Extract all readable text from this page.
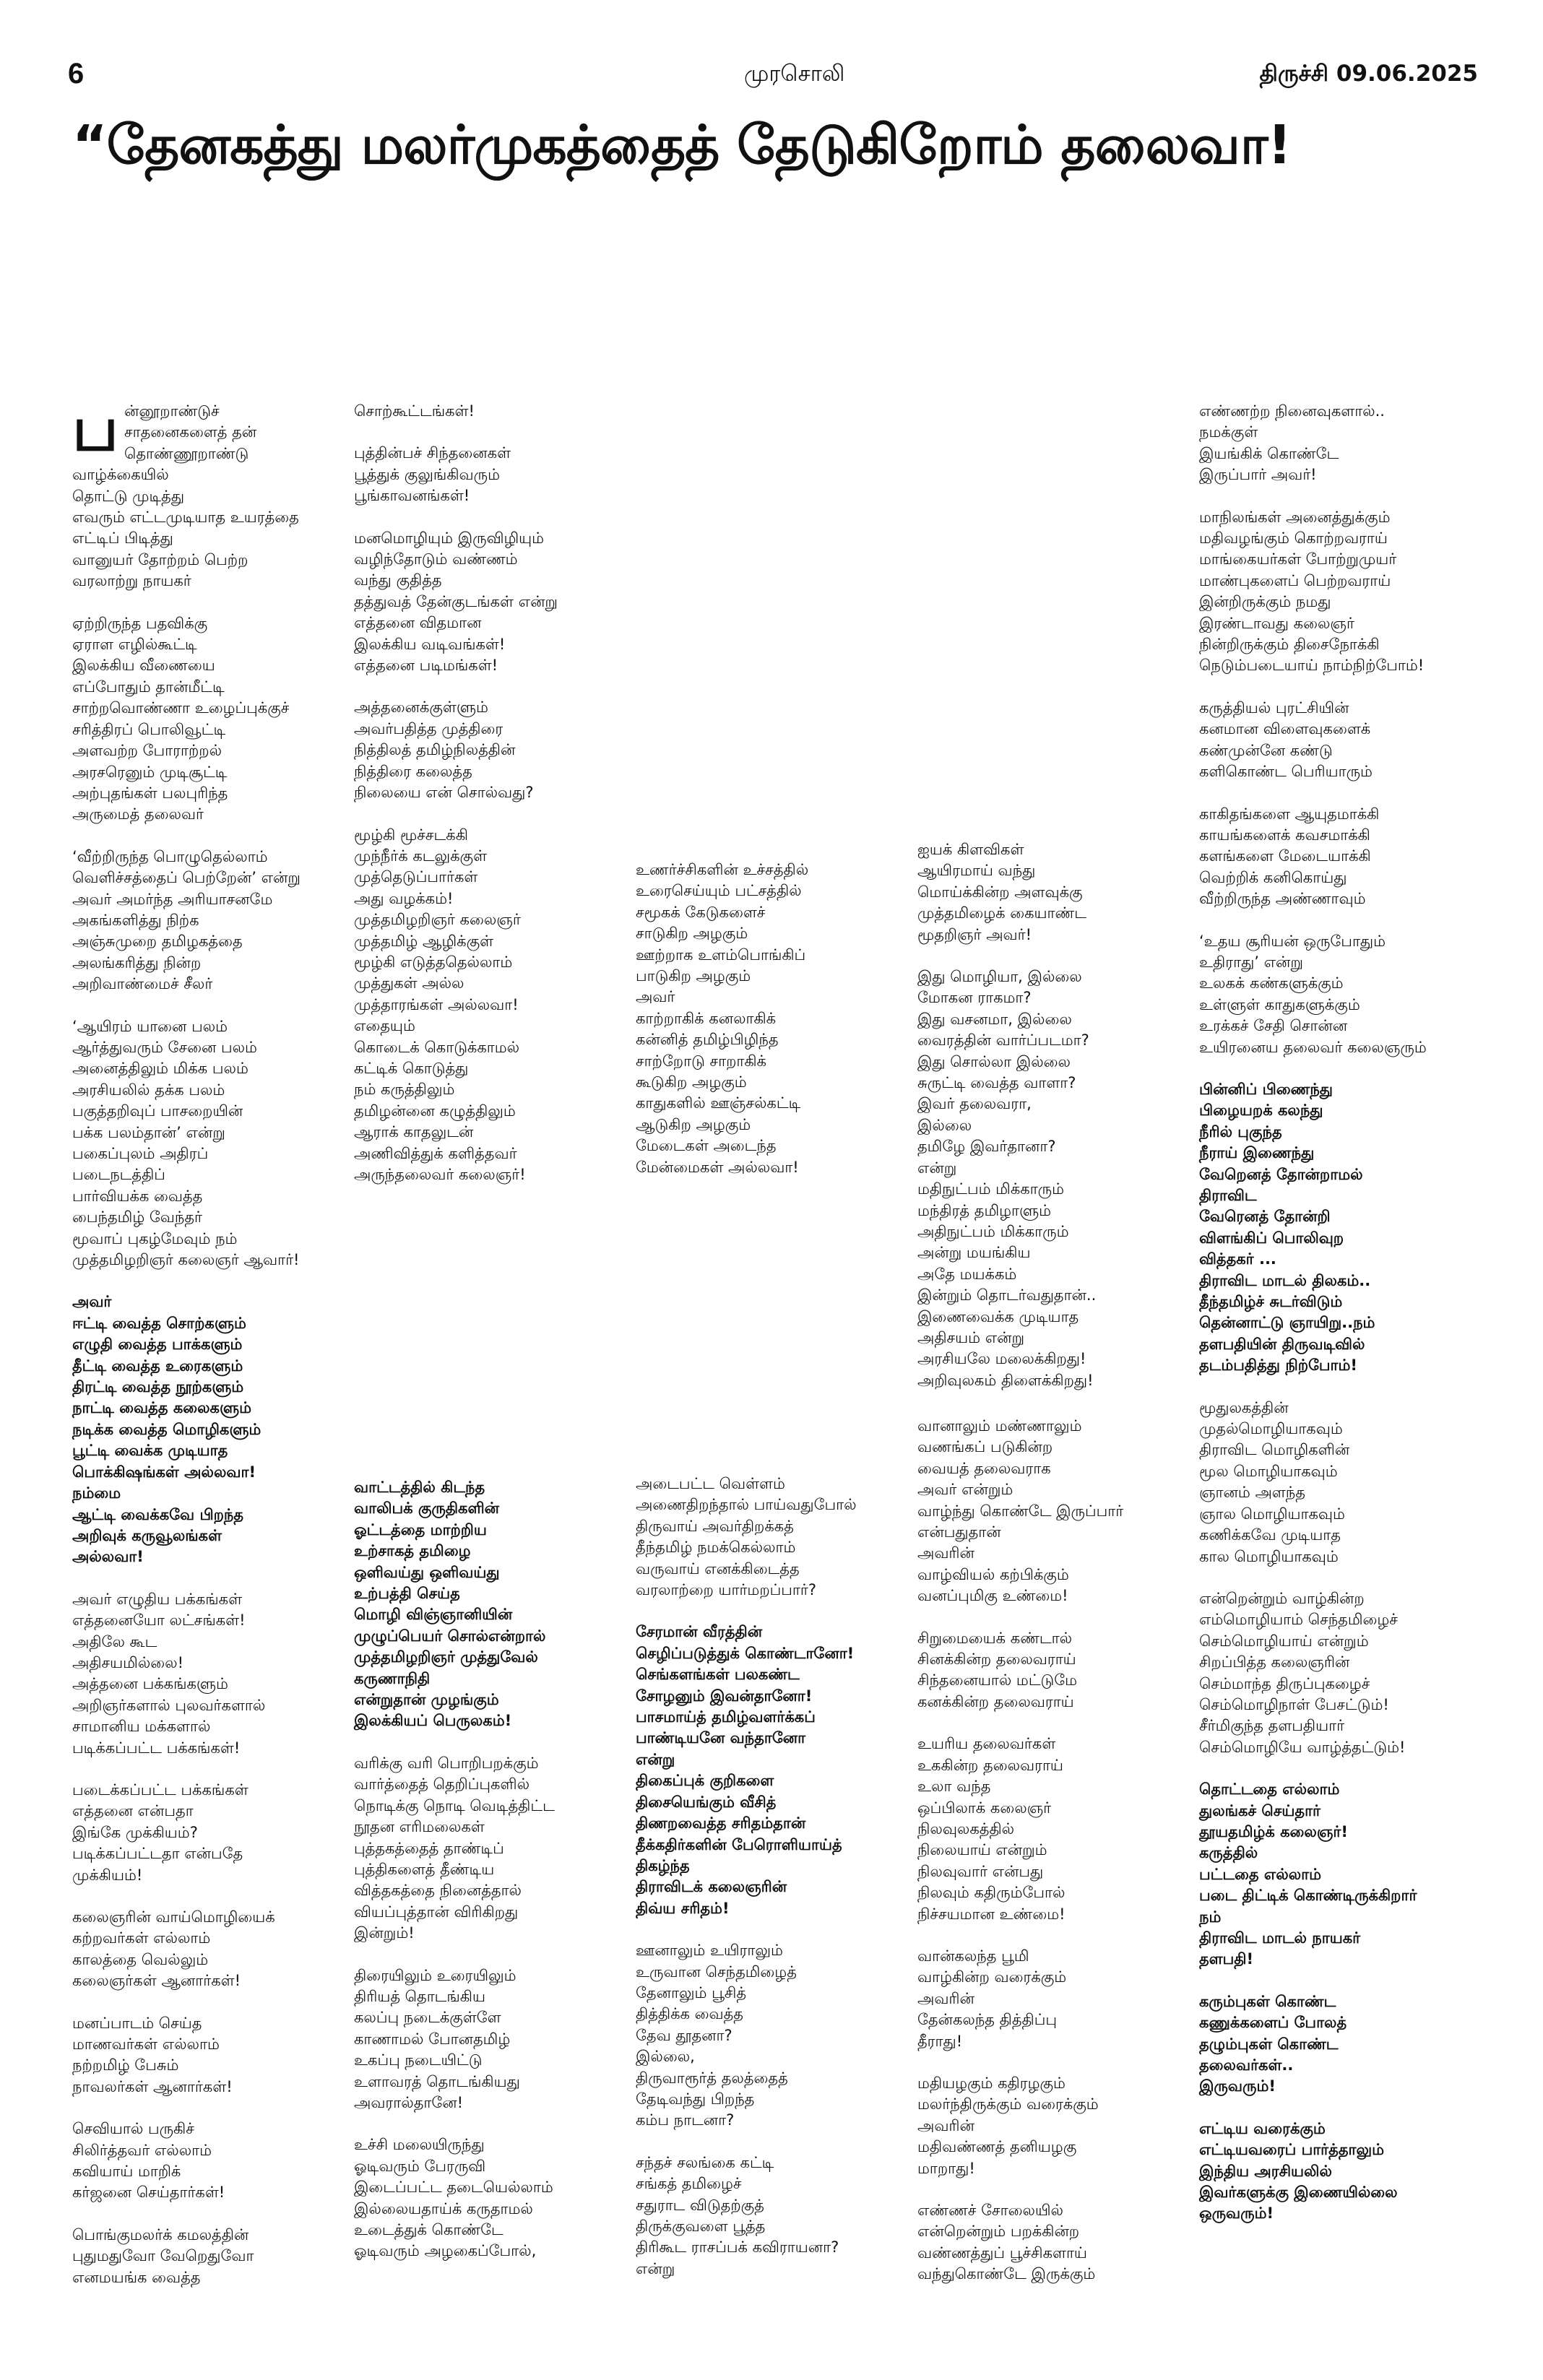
6	முரசொலி	திருச்சி 09.06.2025
“தேனகத்து மலர்முகத்தைத் தேடுகிறோம் தலைவா!

பன்னூறாண்டுச்
சாதனைகளைத் தன்
தொண்ணூறாண்டு வாழ்க்கையில்
தொட்டு முடித்து
எவரும் எட்டமுடியாத உயரத்தை
எட்டிப் பிடித்து
வானுயர் தோற்றம் பெற்ற
வரலாற்று நாயகர்

ஏற்றிருந்த பதவிக்கு
ஏராள எழில்கூட்டி
இலக்கிய வீணையை
எப்போதும் தான்மீட்டி
சாற்றவொண்ணா உழைப்புக்குச்
சரித்திரப் பொலிவூட்டி
அளவற்ற போராற்றல்
அரசரெனும் முடிசூட்டி
அற்புதங்கள் பலபுரிந்த
அருமைத் தலைவர்

‘வீற்றிருந்த பொழுதெல்லாம்
வெளிச்சத்தைப் பெற்றேன்’ என்று
அவர் அமர்ந்த அரியாசனமே
அகங்களித்து நிற்க
அஞ்சுமுறை தமிழகத்தை
அலங்கரித்து நின்ற
அறிவாண்மைச் சீலர்

‘ஆயிரம் யானை பலம்
ஆர்த்துவரும் சேனை பலம்
அனைத்திலும் மிக்க பலம்
அரசியலில் தக்க பலம்
பகுத்தறிவுப் பாசறையின்
பக்க பலம்தான்’ என்று
பகைப்புலம் அதிரப்
படைநடத்திப்
பார்வியக்க வைத்த
பைந்தமிழ் வேந்தர்
மூவாப் புகழ்மேவும் நம்
முத்தமிழறிஞர் கலைஞர் ஆவார்!

அவர்
ஈட்டி வைத்த சொற்களும்
எழுதி வைத்த பாக்களும்
தீட்டி வைத்த உரைகளும்
திரட்டி வைத்த நூற்களும்
நாட்டி வைத்த கலைகளும்
நடிக்க வைத்த மொழிகளும்
பூட்டி வைக்க முடியாத
பொக்கிஷங்கள் அல்லவா!
நம்மை
ஆட்டி வைக்கவே பிறந்த
அறிவுக் கருவூலங்கள்
அல்லவா!

அவர் எழுதிய பக்கங்கள்
எத்தனையோ லட்சங்கள்!
அதிலே கூட
அதிசயமில்லை!
அத்தனை பக்கங்களும்
அறிஞர்களால் புலவர்களால்
சாமானிய மக்களால்
படிக்கப்பட்ட பக்கங்கள்!

படைக்கப்பட்ட பக்கங்கள்
எத்தனை என்பதா
இங்கே முக்கியம்?
படிக்கப்பட்டதா என்பதே
முக்கியம்!

கலைஞரின் வாய்மொழியைக்
கற்றவர்கள் எல்லாம்
காலத்தை வெல்லும்
கலைஞர்கள் ஆனார்கள்!

மனப்பாடம் செய்த
மாணவர்கள் எல்லாம்
நற்றமிழ் பேசும்
நாவலர்கள் ஆனார்கள்!

செவியால் பருகிச்
சிலிர்த்தவர் எல்லாம்
கவியாய் மாறிக்
கர்ஜனை செய்தார்கள்!

பொங்குமலர்க் கமலத்தின்
புதுமதுவோ வேறெதுவோ
எனமயங்க வைத்த

சொற்கூட்டங்கள்!

புத்தின்பச் சிந்தனைகள்
பூத்துக் குலுங்கிவரும்
பூங்காவனங்கள்!

மனமொழியும் இருவிழியும்
வழிந்தோடும் வண்ணம்
வந்து குதித்த
தத்துவத் தேன்குடங்கள் என்று
எத்தனை விதமான
இலக்கிய வடிவங்கள்!
எத்தனை படிமங்கள்!

அத்தனைக்குள்ளும்
அவர்பதித்த முத்திரை
நித்திலத் தமிழ்நிலத்தின்
நித்திரை கலைத்த
நிலையை என் சொல்வது?

மூழ்கி மூச்சடக்கி
முந்நீர்க் கடலுக்குள்
முத்தெடுப்பார்கள்
அது வழக்கம்!
முத்தமிழறிஞர் கலைஞர்
முத்தமிழ் ஆழிக்குள்
மூழ்கி எடுத்ததெல்லாம்
முத்துகள் அல்ல
முத்தாரங்கள் அல்லவா!
எதையும்
கொடைக் கொடுக்காமல்
கட்டிக் கொடுத்து
நம் கருத்திலும்
தமிழன்னை கழுத்திலும்
ஆராக் காதலுடன்
அணிவித்துக் களித்தவர்
அருந்தலைவர் கலைஞர்!

வாட்டத்தில் கிடந்த
வாலிபக் குருதிகளின்
ஓட்டத்தை மாற்றிய
உற்சாகத் தமிழை
ஒளிவய்து ஒளிவய்து
உற்பத்தி செய்த
மொழி விஞ்ஞானியின்
முழுப்பெயர் சொல்என்றால்
முத்தமிழறிஞர் முத்துவேல்
கருணாநிதி
என்றுதான் முழங்கும்
இலக்கியப் பெருலகம்!

வரிக்கு வரி பொறிபறக்கும்
வார்த்தைத் தெறிப்புகளில்
நொடிக்கு நொடி வெடித்திட்ட
நூதன எரிமலைகள்
புத்தகத்தைத் தாண்டிப்
புத்திகளைத் தீண்டிய
வித்தகத்தை நினைத்தால்
வியப்புத்தான் விரிகிறது
இன்றும்!

திரையிலும் உரையிலும்
திரியத் தொடங்கிய
கலப்பு நடைக்குள்ளே
காணாமல் போனதமிழ்
உகப்பு நடையிட்டு
உளாவரத் தொடங்கியது
அவரால்தானே!

உச்சி மலையிருந்து
ஓடிவரும் பேரருவி
இடைப்பட்ட தடையெல்லாம்
இல்லையதாய்க் கருதாமல்
உடைத்துக் கொண்டே
ஓடிவரும் அழகைப்போல்,

உணர்ச்சிகளின் உச்சத்தில்
உரைசெய்யும் பட்சத்தில்
சமூகக் கேடுகளைச்
சாடுகிற அழகும்
ஊற்றாக உளம்பொங்கிப்
பாடுகிற அழகும்
அவர்
காற்றாகிக் கனலாகிக்
கன்னித் தமிழ்பிழிந்த
சாற்றோடு சாறாகிக்
கூடுகிற அழகும்
காதுகளில் ஊஞ்சல்கட்டி
ஆடுகிற அழகும்
மேடைகள் அடைந்த
மேன்மைகள் அல்லவா!

அடைபட்ட வெள்ளம்
அணைதிறந்தால் பாய்வதுபோல்
திருவாய் அவர்திறக்கத்
தீந்தமிழ் நமக்கெல்லாம்
வருவாய் எனக்கிடைத்த
வரலாற்றை யார்மறப்பார்?

சேரமான் வீரத்தின்
செழிப்படுத்துக் கொண்டானோ!
செங்களங்கள் பலகண்ட
சோழனும் இவன்தானோ!
பாசமாய்த் தமிழ்வளர்க்கப்
பாண்டியனே வந்தானோ
என்று
திகைப்புக் குறிகளை
திசையெங்கும் வீசித்
திணறவைத்த சரிதம்தான்
தீக்கதிர்களின் பேரொளியாய்த்
திகழ்ந்த
திராவிடக் கலைஞரின்
திவ்ய சரிதம்!

ஊனாலும் உயிராலும்
உருவான செந்தமிழைத்
தேனாலும் பூசித்
தித்திக்க வைத்த
தேவ தூதனா?
இல்லை,
திருவாரூர்த் தலத்தைத்
தேடிவந்து பிறந்த
கம்ப நாடனா?

சந்தச் சலங்கை கட்டி
சங்கத் தமிழைச்
சதுராட விடுதற்குத்
திருக்குவளை பூத்த
திரிகூட ராசப்பக் கவிராயனா?
என்று

ஐயக் கிளவிகள்
ஆயிரமாய் வந்து
மொய்க்கின்ற அளவுக்கு
முத்தமிழைக் கையாண்ட
மூதறிஞர் அவர்!

இது மொழியா, இல்லை
மோகன ராகமா?
இது வசனமா, இல்லை
வைரத்தின் வார்ப்படமா?
இது சொல்லா இல்லை
சுருட்டி வைத்த வாளா?
இவர் தலைவரா,
இல்லை
தமிழே இவர்தானா?
என்று
மதிநுட்பம் மிக்காரும்
மந்திரத் தமிழாளும்
அதிநுட்பம் மிக்காரும்
அன்று மயங்கிய
அதே மயக்கம்
இன்றும் தொடர்வதுதான்..
இணைவைக்க முடியாத
அதிசயம் என்று
அரசியலே மலைக்கிறது!
அறிவுலகம் திளைக்கிறது!

வானாலும் மண்ணாலும்
வணங்கப் படுகின்ற
வையத் தலைவராக
அவர் என்றும்
வாழ்ந்து கொண்டே இருப்பார்
என்பதுதான்
அவரின்
வாழ்வியல் கற்பிக்கும்
வனப்புமிகு உண்மை!

சிறுமையைக் கண்டால்
சினக்கின்ற தலைவராய்
சிந்தனையால் மட்டுமே
கனக்கின்ற தலைவராய்

உயரிய தலைவர்கள்
உககின்ற தலைவராய்
உலா வந்த
ஒப்பிலாக் கலைஞர்
நிலவுலகத்தில்
நிலையாய் என்றும்
நிலவுவார் என்பது
நிலவும் கதிரும்போல்
நிச்சயமான உண்மை!

வான்கலந்த பூமி
வாழ்கின்ற வரைக்கும்
அவரின்
தேன்கலந்த தித்திப்பு
தீராது!

மதியழகும் கதிரழகும்
மலர்ந்திருக்கும் வரைக்கும்
அவரின்
மதிவண்ணத் தனியழகு
மாறாது!

எண்ணச் சோலையில்
என்றென்றும் பறக்கின்ற
வண்ணத்துப் பூச்சிகளாய்
வந்துகொண்டே இருக்கும்

எண்ணற்ற நினைவுகளால்..
நமக்குள்
இயங்கிக் கொண்டே
இருப்பார் அவர்!

மாநிலங்கள் அனைத்துக்கும்
மதிவழங்கும் கொற்றவராய்
மாங்கையர்கள் போற்றுமுயர்
மாண்புகளைப் பெற்றவராய்
இன்றிருக்கும் நமது
இரண்டாவது கலைஞர்
நின்றிருக்கும் திசைநோக்கி
நெடும்படையாய் நாம்நிற்போம்!

கருத்தியல் புரட்சியின்
கனமான விளைவுகளைக்
கண்முன்னே கண்டு
களிகொண்ட பெரியாரும்

காகிதங்களை ஆயுதமாக்கி
காயங்களைக் கவசமாக்கி
களங்களை மேடையாக்கி
வெற்றிக் கனிகொய்து
வீற்றிருந்த அண்ணாவும்

‘உதய சூரியன் ஒருபோதும்
உதிராது’ என்று
உலகக் கண்களுக்கும்
உள்ளுள் காதுகளுக்கும்
உரக்கச் சேதி சொன்ன
உயிரனைய தலைவர் கலைஞரும்

பின்னிப் பிணைந்து
பிழையறக் கலந்து
நீரில் புகுந்த
நீராய் இணைந்து
வேறெனத் தோன்றாமல்
திராவிட
வேரெனத் தோன்றி
விளங்கிப் பொலிவுற
வித்தகர் ...
திராவிட மாடல் திலகம்..
தீந்தமிழ்ச் சுடர்விடும்
தென்னாட்டு ஞாயிறு..நம்
தளபதியின் திருவடிவில்
தடம்பதித்து நிற்போம்!

மூதுலகத்தின்
முதல்மொழியாகவும்
திராவிட மொழிகளின்
மூல மொழியாகவும்
ஞானம் அளந்த
ஞால மொழியாகவும்
கணிக்கவே முடியாத
கால மொழியாகவும்

என்றென்றும் வாழ்கின்ற
எம்மொழியாம் செந்தமிழைச்
செம்மொழியாய் என்றும்
சிறப்பித்த கலைஞரின்
செம்மாந்த திருப்புகழைச்
செம்மொழிநாள் பேசட்டும்!
சீர்மிகுந்த தளபதியார்
செம்மொழியே வாழ்த்தட்டும்!

தொட்டதை எல்லாம்
துலங்கச் செய்தார்
தூயதமிழ்க் கலைஞர்!
கருத்தில்
பட்டதை எல்லாம்
படை திட்டிக் கொண்டிருக்கிறார்
நம்
திராவிட மாடல் நாயகர்
தளபதி!

கரும்புகள் கொண்ட
கணுக்களைப் போலத்
தழும்புகள் கொண்ட
தலைவர்கள்..
இருவரும்!

எட்டிய வரைக்கும்
எட்டியவரைப் பார்த்தாலும்
இந்திய அரசியலில்
இவர்களுக்கு இணையில்லை
ஒருவரும்!
